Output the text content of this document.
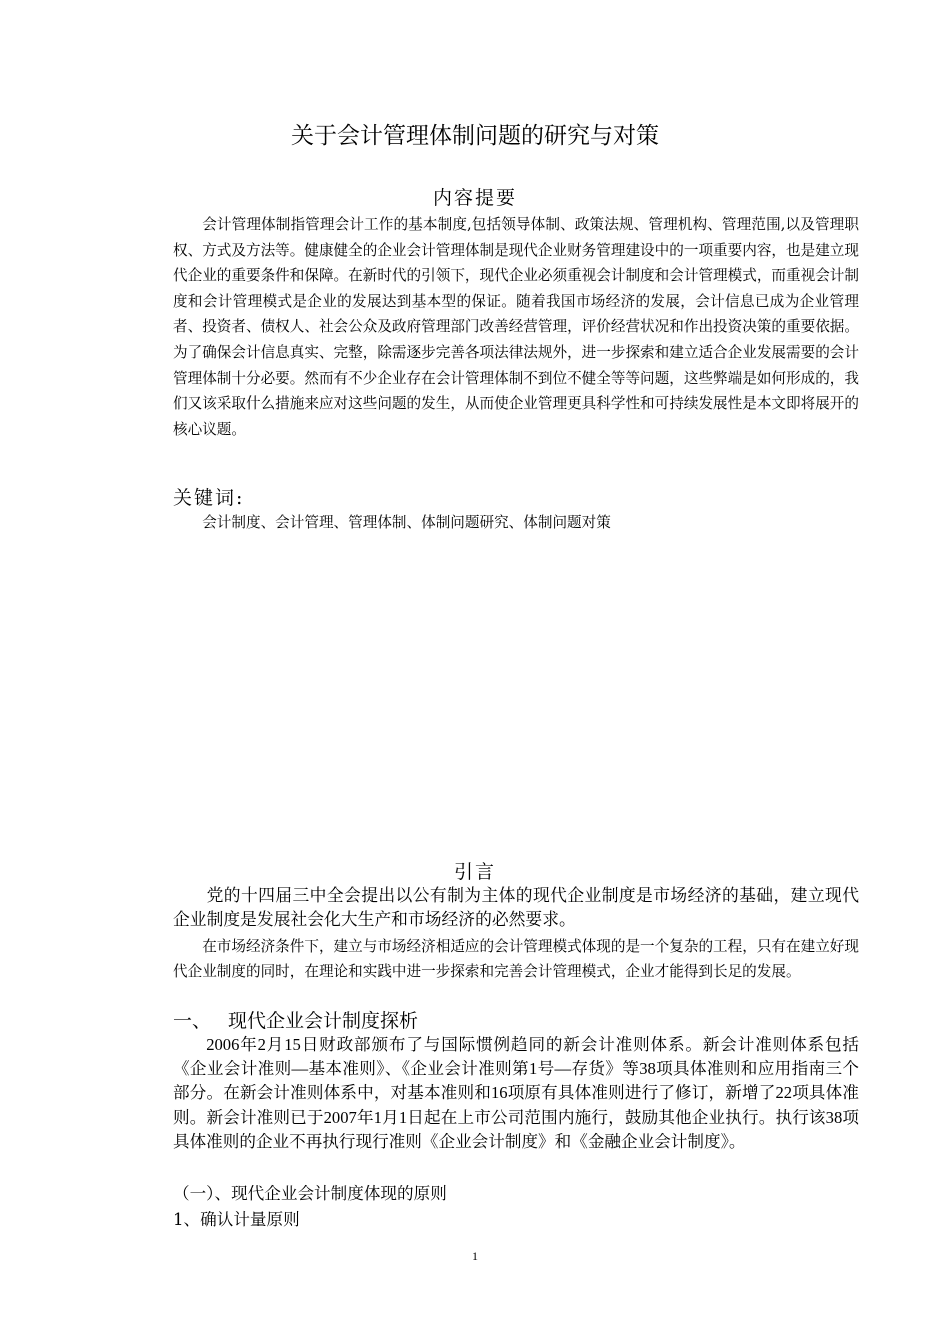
关于会计管理体制问题的研究与对策
内容提要

会计管理体制指管理会计工作的基本制度,包括领导体制、政策法规、管理机构、管理范围,以及管理职权、方式及方法等。健康健全的企业会计管理体制是现代企业财务管理建设中的一项重要内容，也是建立现代企业的重要条件和保障。在新时代的引领下，现代企业必须重视会计制度和会计管理模式，而重视会计制度和会计管理模式是企业的发展达到基本型的保证。随着我国市场经济的发展，会计信息已成为企业管理者、投资者、债权人、社会公众及政府管理部门改善经营管理，评价经营状况和作出投资决策的重要依据。为了确保会计信息真实、完整，除需逐步完善各项法律法规外，进一步探索和建立适合企业发展需要的会计管理体制十分必要。然而有不少企业存在会计管理体制不到位不健全等等问题，这些弊端是如何形成的，我们又该采取什么措施来应对这些问题的发生，从而使企业管理更具科学性和可持续发展性是本文即将展开的核心议题。

关键词:

会计制度、会计管理、管理体制、体制问题研究、体制问题对策

引言

党的十四届三中全会提出以公有制为主体的现代企业制度是市场经济的基础，建立现代企业制度是发展社会化大生产和市场经济的必然要求。

在市场经济条件下，建立与市场经济相适应的会计管理模式体现的是一个复杂的工程，只有在建立好现代企业制度的同时，在理论和实践中进一步探索和完善会计管理模式，企业才能得到长足的发展。

一、 现代企业会计制度探析

2006年2月15日财政部颁布了与国际惯例趋同的新会计准则体系。新会计准则体系包括《企业会计准则—基本准则》、《企业会计准则第1号—存货》等38项具体准则和应用指南三个部分。在新会计准则体系中，对基本准则和16项原有具体准则进行了修订，新增了22项具体准则。新会计准则已于2007年1月1日起在上市公司范围内施行，鼓励其他企业执行。执行该38项具体准则的企业不再执行现行准则《企业会计制度》和《金融企业会计制度》。

（一）、现代企业会计制度体现的原则
1、确认计量原则
1
